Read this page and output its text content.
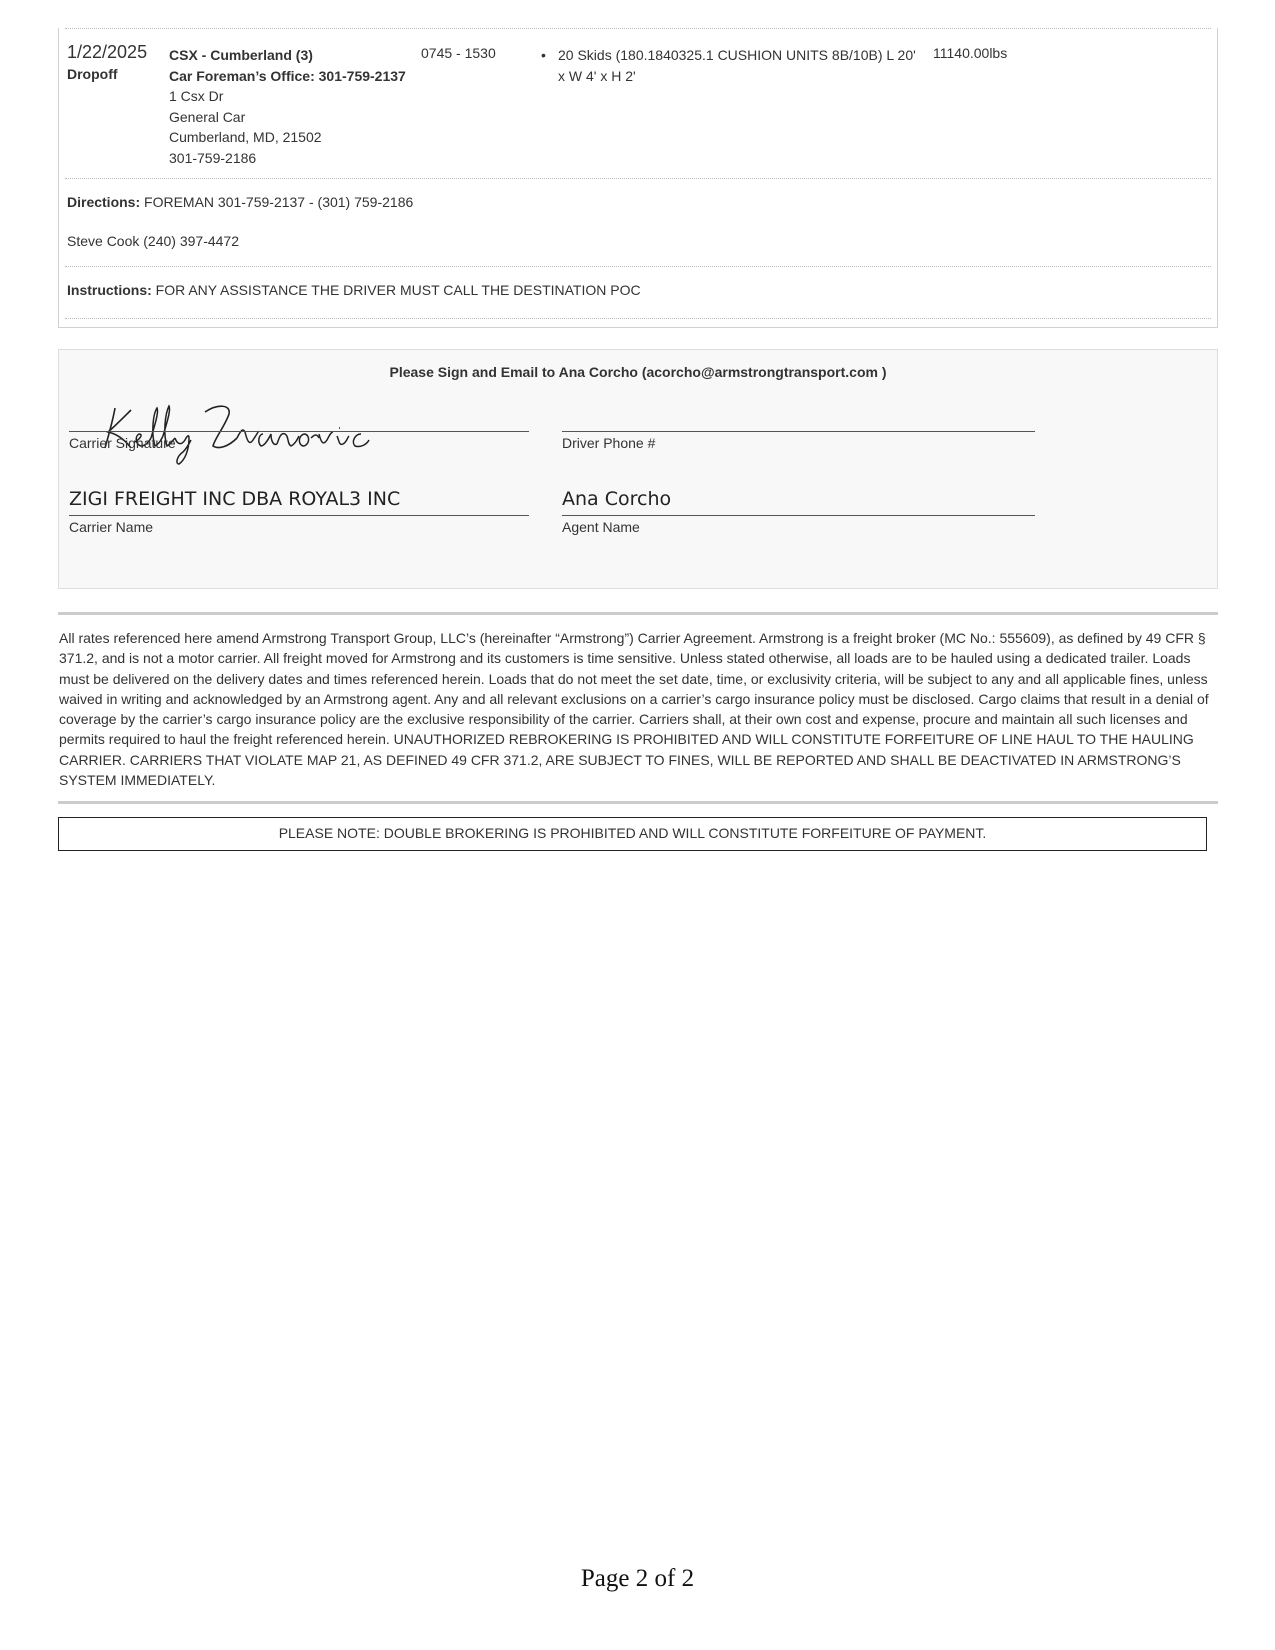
1/22/2025
Dropoff
CSX - Cumberland (3)
Car Foreman’s Office: 301-759-2137
1 Csx Dr
General Car
Cumberland, MD, 21502
301-759-2186
0745 - 1530	• 20 Skids (180.1840325.1 CUSHION UNITS 8B/10B) L 20' x W 4' x H 2'
11140.00lbs
Directions: FOREMAN 301-759-2137 - (301) 759-2186
Steve Cook (240) 397-4472
Instructions: FOR ANY ASSISTANCE THE DRIVER MUST CALL THE DESTINATION POC
Please Sign and Email to Ana Corcho (acorcho@armstrongtransport.com )
Carrier Signature	Driver Phone #
ZIGI FREIGHT INC DBA ROYAL3 INC
Carrier Name
Ana Corcho
Agent Name
All rates referenced here amend Armstrong Transport Group, LLC’s (hereinafter “Armstrong”) Carrier Agreement. Armstrong is a freight broker (MC No.: 555609), as defined by 49 CFR § 371.2, and is not a motor carrier. All freight moved for Armstrong and its customers is time sensitive. Unless stated otherwise, all loads are to be hauled using a dedicated trailer. Loads must be delivered on the delivery dates and times referenced herein. Loads that do not meet the set date, time, or exclusivity criteria, will be subject to any and all applicable fines, unless waived in writing and acknowledged by an Armstrong agent. Any and all relevant exclusions on a carrier’s cargo insurance policy must be disclosed. Cargo claims that result in a denial of coverage by the carrier’s cargo insurance policy are the exclusive responsibility of the carrier. Carriers shall, at their own cost and expense, procure and maintain all such licenses and permits required to haul the freight referenced herein. UNAUTHORIZED REBROKERING IS PROHIBITED AND WILL CONSTITUTE FORFEITURE OF LINE HAUL TO THE HAULING CARRIER. CARRIERS THAT VIOLATE MAP 21, AS DEFINED 49 CFR 371.2, ARE SUBJECT TO FINES, WILL BE REPORTED AND SHALL BE DEACTIVATED IN ARMSTRONG’S SYSTEM IMMEDIATELY.
PLEASE NOTE: DOUBLE BROKERING IS PROHIBITED AND WILL CONSTITUTE FORFEITURE OF PAYMENT.
Page 2 of 2
